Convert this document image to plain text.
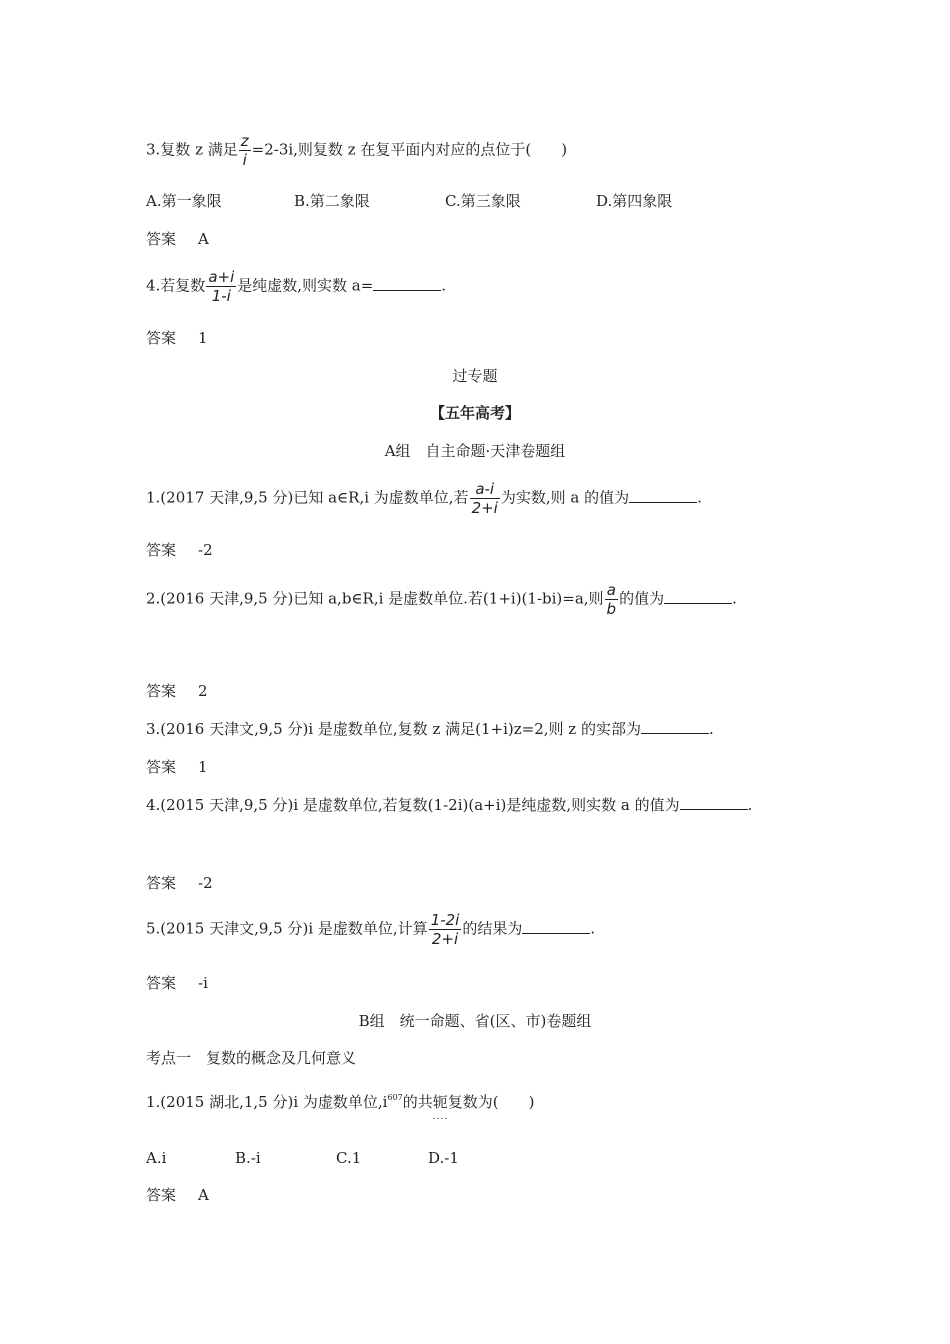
3.复数 z 满足 $\frac{z}{i} =2-3i$,则复数 z 在复平面内对应的点位于(　　)
A.第一象限	B.第二象限	C.第三象限	D.第四象限
答案 A
4.若复数 $\frac{a+i}{1-i}$ 是纯虚数,则实数 a=	.
答案 1
过专题
【五年高考】
A组　自主命题·天津卷题组
1.(2017 天津,9,5 分)已知 a∈R,i 为虚数单位,若 $\frac{a-i}{2+i}$ 为实数,则 a 的值为	.
答案 -2
2.(2016 天津,9,5 分)已知 a,b∈R,i 是虚数单位.若(1+i)(1-bi)=a,则 $\frac{a}{b}$ 的值为	.
答案 2
3.(2016 天津文,9,5 分)i 是虚数单位,复数 z 满足(1+i)z=2,则 z 的实部为	.
答案 1
4.(2015 天津,9,5 分)i 是虚数单位,若复数(1-2i)(a+i)是纯虚数,则实数 a 的值为	.
答案 -2
5.(2015 天津文,9,5 分)i 是虚数单位,计算 $\frac{1-2i}{2+i}$ 的结果为	.
答案 -i
B组　统一命题、省(区、市)卷题组
考点一　复数的概念及几何意义
1.(2015 湖北,1,5 分)i 为虚数单位$,i^{607}$的共轭 ....复数为(　　)
A.i	B.-i	C.1	D.-1
答案 A
